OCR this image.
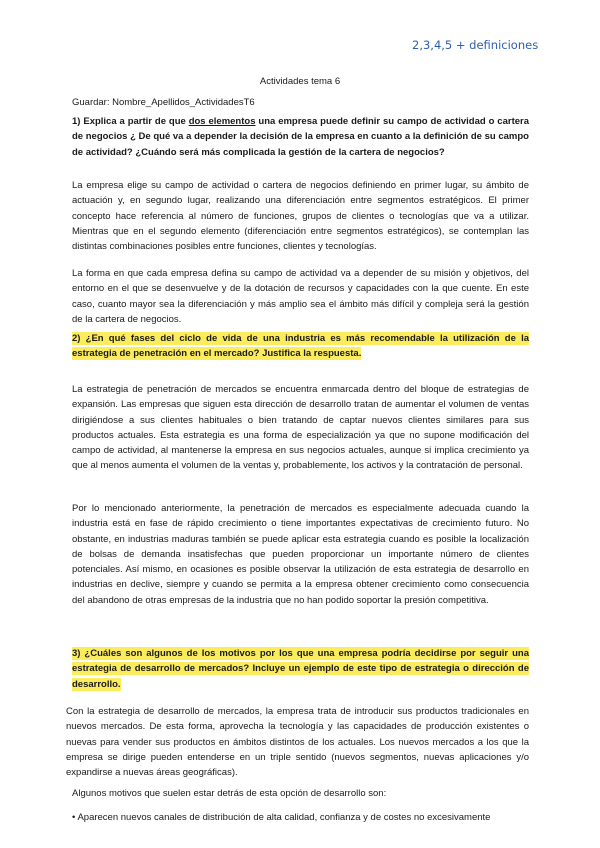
2,3,4,5 + definiciones
Actividades tema 6
Guardar: Nombre_Apellidos_ActividadesT6
1) Explica a partir de que dos elementos una empresa puede definir su campo de actividad o cartera de negocios ¿ De qué va a depender la decisión de la empresa en cuanto a la definición de su campo de actividad? ¿Cuándo será más complicada la gestión de la cartera de negocios?
La empresa elige su campo de actividad o cartera de negocios definiendo en primer lugar, su ámbito de actuación y, en segundo lugar, realizando una diferenciación entre segmentos estratégicos. El primer concepto hace referencia al número de funciones, grupos de clientes o tecnologías que va a utilizar. Mientras que en el segundo elemento (diferenciación entre segmentos estratégicos), se contemplan las distintas combinaciones posibles entre funciones, clientes y tecnologías.
La forma en que cada empresa defina su campo de actividad va a depender de su misión y objetivos, del entorno en el que se desenvuelve y de la dotación de recursos y capacidades con la que cuente. En este caso, cuanto mayor sea la diferenciación y más amplio sea el ámbito más difícil y compleja será la gestión de la cartera de negocios.
2) ¿En qué fases del ciclo de vida de una industria es más recomendable la utilización de la estrategia de penetración en el mercado? Justifica la respuesta.
La estrategia de penetración de mercados se encuentra enmarcada dentro del bloque de estrategias de expansión. Las empresas que siguen esta dirección de desarrollo tratan de aumentar el volumen de ventas dirigiéndose a sus clientes habituales o bien tratando de captar nuevos clientes similares para sus productos actuales. Esta estrategia es una forma de especialización ya que no supone modificación del campo de actividad, al mantenerse la empresa en sus negocios actuales, aunque si implica crecimiento ya que al menos aumenta el volumen de la ventas y, probablemente, los activos y la contratación de personal.
Por lo mencionado anteriormente, la penetración de mercados es especialmente adecuada cuando la industria está en fase de rápido crecimiento o tiene importantes expectativas de crecimiento futuro. No obstante, en industrias maduras también se puede aplicar esta estrategia cuando es posible la localización de bolsas de demanda insatisfechas que pueden proporcionar un importante número de clientes potenciales. Así mismo, en ocasiones es posible observar la utilización de esta estrategia de desarrollo en industrias en declive, siempre y cuando se permita a la empresa obtener crecimiento como consecuencia del abandono de otras empresas de la industria que no han podido soportar la presión competitiva.
3) ¿Cuáles son algunos de los motivos por los que una empresa podría decidirse por seguir una estrategia de desarrollo de mercados? Incluye un ejemplo de este tipo de estrategia o dirección de desarrollo.
Con la estrategia de desarrollo de mercados, la empresa trata de introducir sus productos tradicionales en nuevos mercados. De esta forma, aprovecha la tecnología y las capacidades de producción existentes o nuevas para vender sus productos en ámbitos distintos de los actuales. Los nuevos mercados a los que la empresa se dirige pueden entenderse en un triple sentido (nuevos segmentos, nuevas aplicaciones y/o expandirse a nuevas áreas geográficas).
Algunos motivos que suelen estar detrás de esta opción de desarrollo son:
• Aparecen nuevos canales de distribución de alta calidad, confianza y de costes no excesivamente
